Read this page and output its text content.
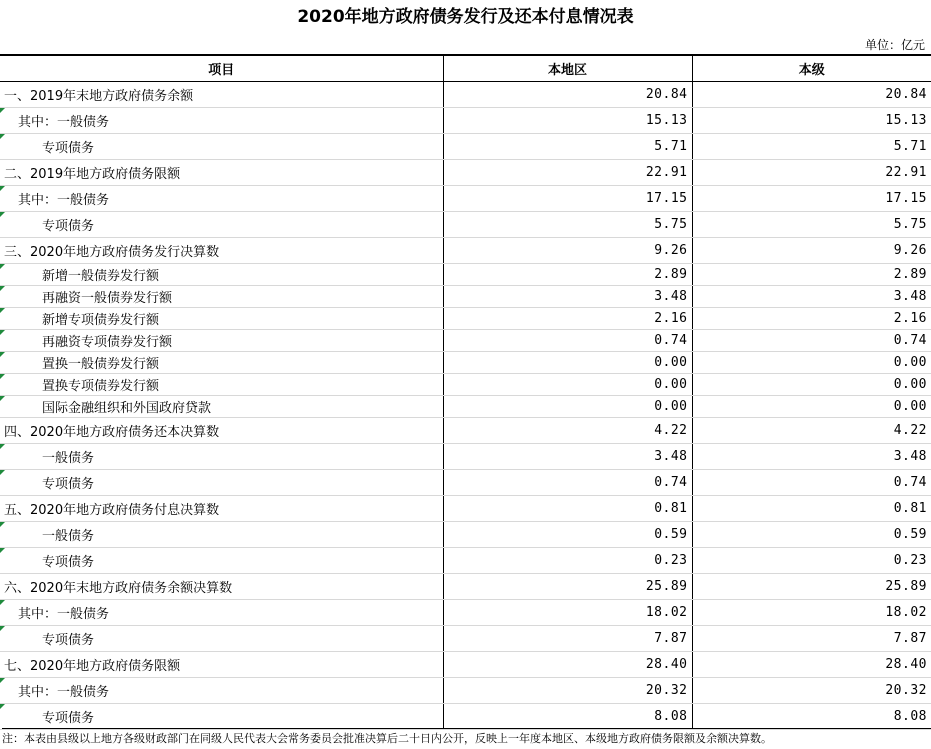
2020年地方政府债务发行及还本付息情况表
单位：亿元
项目	本地区	本级
一、2019年末地方政府债务余额	20.84	20.84

其中：一般债务	15.13	15.13

专项债务	5.71	5.71
二、2019年地方政府债务限额	22.91	22.91

其中：一般债务	17.15	17.15

专项债务	5.75	5.75
三、2020年地方政府债务发行决算数	9.26	9.26

新增一般债券发行额	2.89	2.89

再融资一般债券发行额	3.48	3.48

新增专项债券发行额	2.16	2.16

再融资专项债券发行额	0.74	0.74

置换一般债券发行额	0.00	0.00

置换专项债券发行额	0.00	0.00

国际金融组织和外国政府贷款	0.00	0.00
四、2020年地方政府债务还本决算数	4.22	4.22

一般债务	3.48	3.48

专项债务	0.74	0.74
五、2020年地方政府债务付息决算数	0.81	0.81

一般债务	0.59	0.59

专项债务	0.23	0.23
六、2020年末地方政府债务余额决算数	25.89	25.89

其中：一般债务	18.02	18.02

专项债务	7.87	7.87
七、2020年地方政府债务限额	28.40	28.40

其中：一般债务	20.32	20.32

专项债务	8.08	8.08
注：本表由县级以上地方各级财政部门在同级人民代表大会常务委员会批准决算后二十日内公开，反映上一年度本地区、本级地方政府债务限额及余额决算数。
